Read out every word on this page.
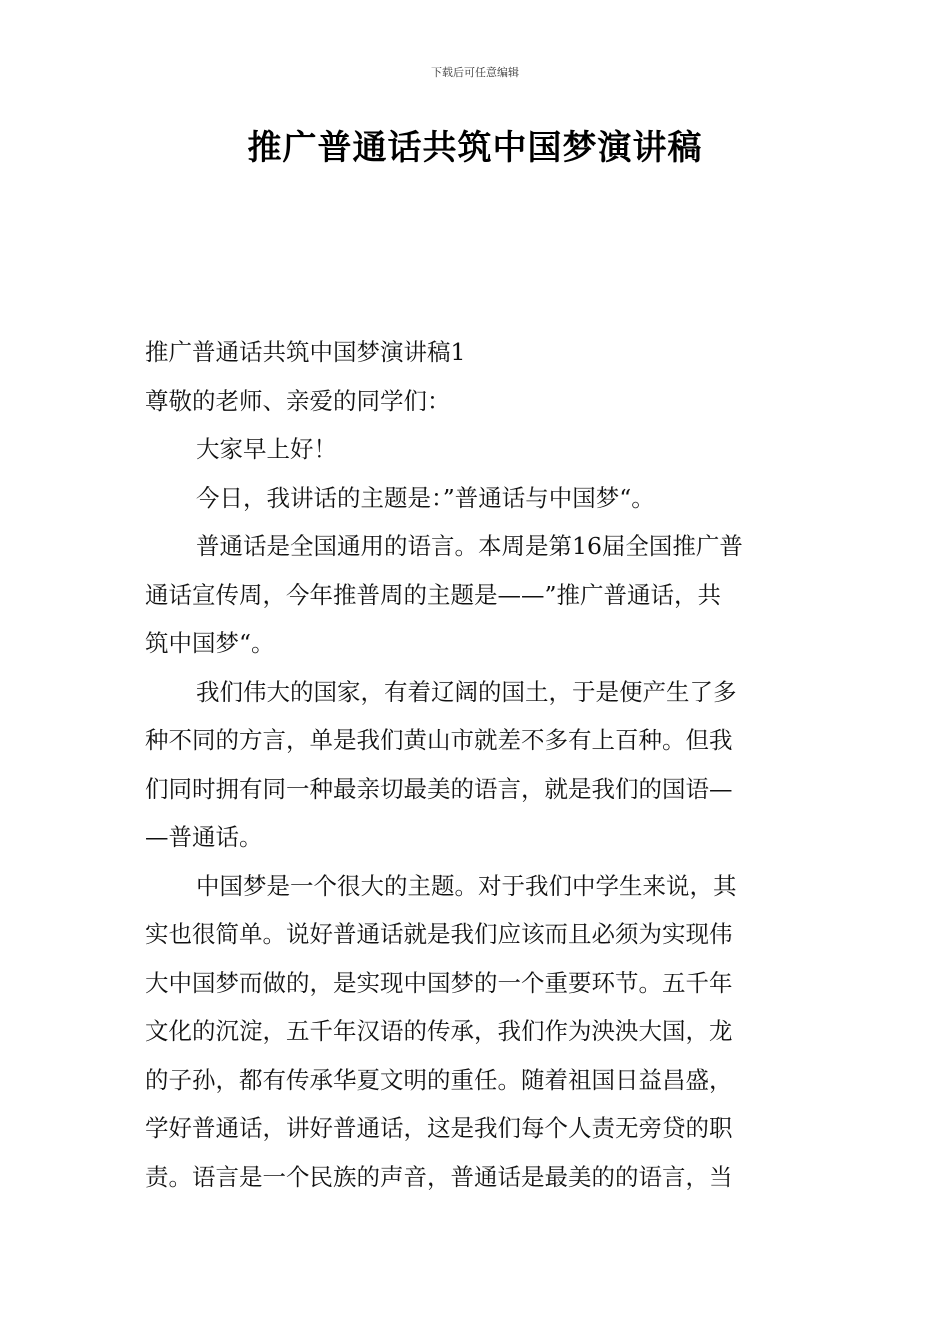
下载后可任意编辑
推广普通话共筑中国梦演讲稿
推广普通话共筑中国梦演讲稿1
尊敬的老师、亲爱的同学们：
大家早上好！
今日，我讲话的主题是：”普通话与中国梦“。
普通话是全国通用的语言。本周是第16届全国推广普
通话宣传周，今年推普周的主题是——”推广普通话，共
筑中国梦“。
我们伟大的国家，有着辽阔的国土，于是便产生了多
种不同的方言，单是我们黄山市就差不多有上百种。但我
们同时拥有同一种最亲切最美的语言，就是我们的国语—
—普通话。
中国梦是一个很大的主题。对于我们中学生来说，其
实也很简单。说好普通话就是我们应该而且必须为实现伟
大中国梦而做的，是实现中国梦的一个重要环节。五千年
文化的沉淀，五千年汉语的传承，我们作为泱泱大国，龙
的子孙，都有传承华夏文明的重任。随着祖国日益昌盛，
学好普通话，讲好普通话，这是我们每个人责无旁贷的职
责。语言是一个民族的声音，普通话是最美的的语言，当
